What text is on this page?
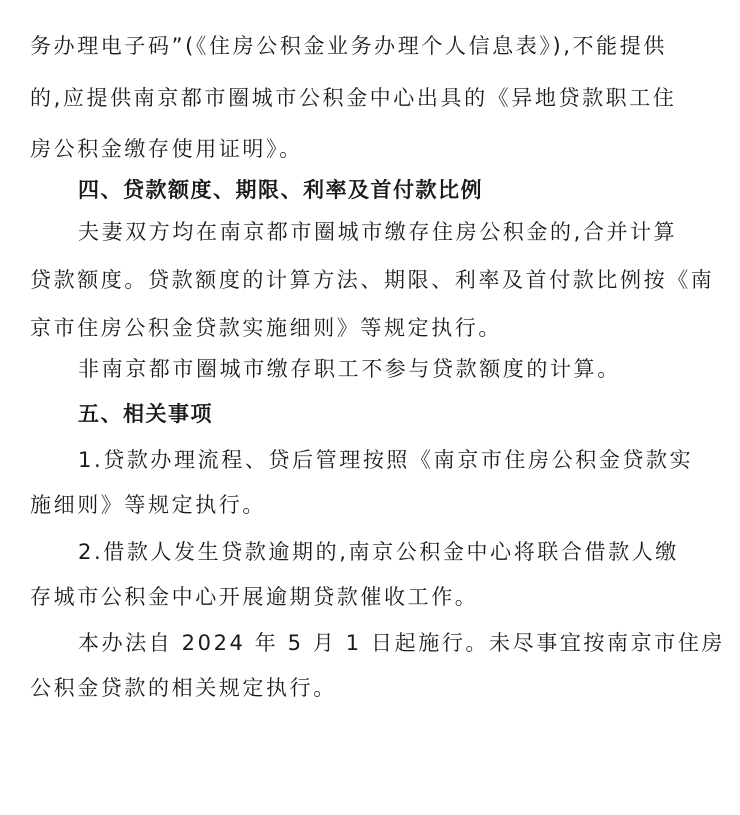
务办理电子码”(《住房公积金业务办理个人信息表》),不能提供
的,应提供南京都市圈城市公积金中心出具的《异地贷款职工住
房公积金缴存使用证明》。
四、贷款额度、期限、利率及首付款比例
夫妻双方均在南京都市圈城市缴存住房公积金的,合并计算
贷款额度。贷款额度的计算方法、期限、利率及首付款比例按《南
京市住房公积金贷款实施细则》等规定执行。
非南京都市圈城市缴存职工不参与贷款额度的计算。
五、相关事项
1.贷款办理流程、贷后管理按照《南京市住房公积金贷款实
施细则》等规定执行。
2.借款人发生贷款逾期的,南京公积金中心将联合借款人缴
存城市公积金中心开展逾期贷款催收工作。
本办法自 2024 年 5 月 1 日起施行。未尽事宜按南京市住房
公积金贷款的相关规定执行。
